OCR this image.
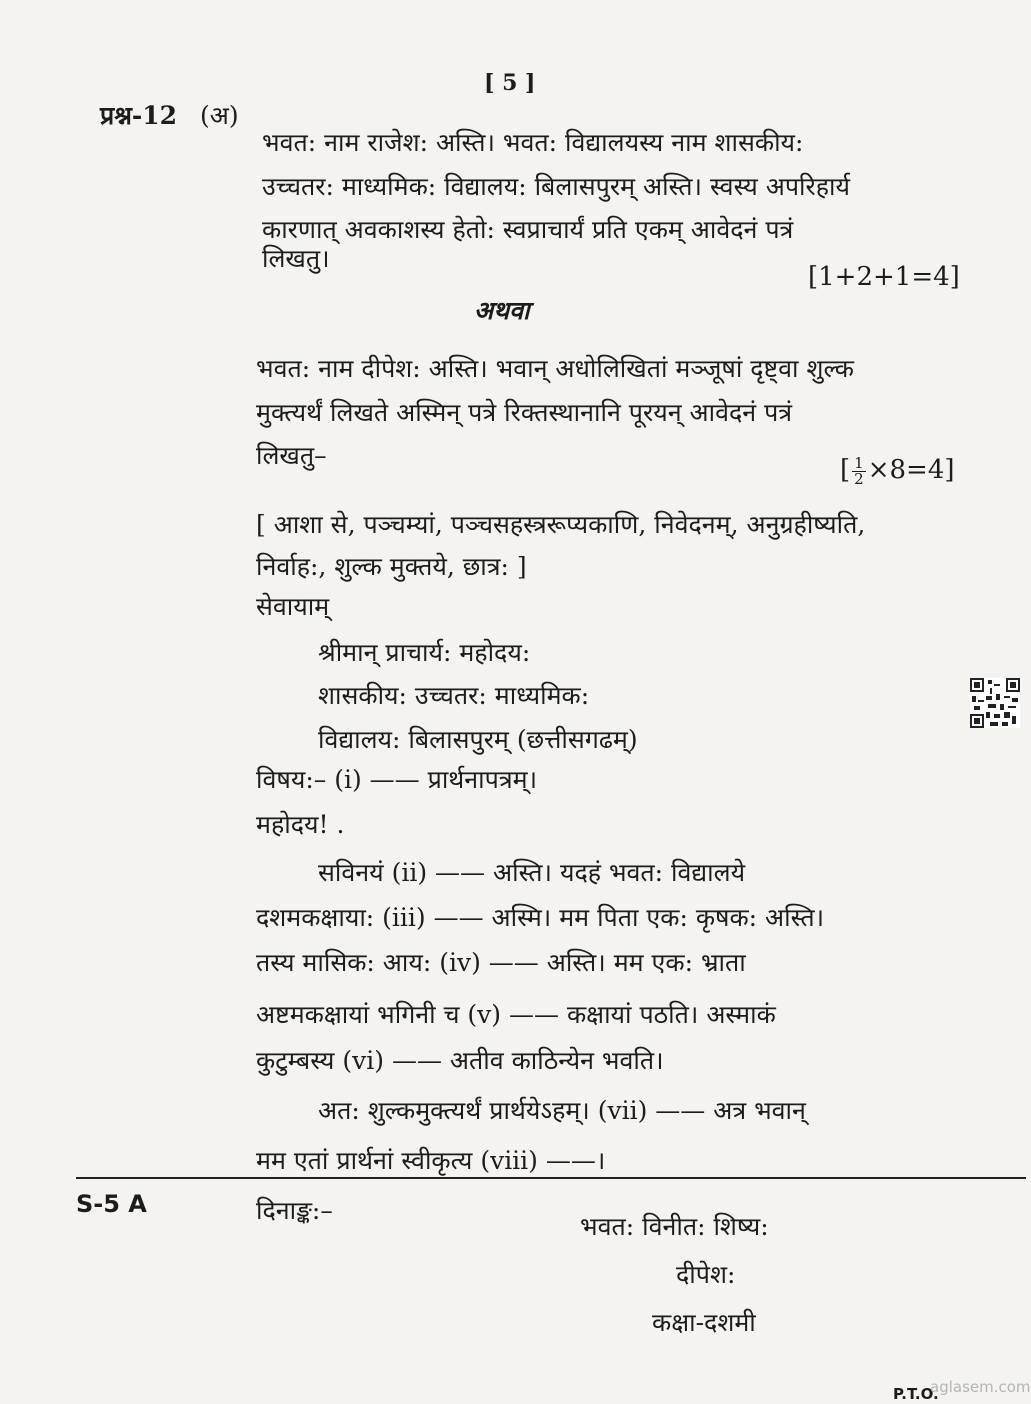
[ 5 ]
प्रश्न-12 (अ)
भवत: नाम राजेश: अस्ति। भवत: विद्यालयस्य नाम शासकीय:
उच्चतर: माध्यमिक: विद्यालय: बिलासपुरम् अस्ति। स्वस्य अपरिहार्य
कारणात् अवकाशस्य हेतो: स्वप्राचार्यं प्रति एकम् आवेदनं पत्रं
लिखतु।
[1+2+1=4]
अथवा
भवत: नाम दीपेश: अस्ति। भवान् अधोलिखितां मञ्जूषां दृष्ट्वा शुल्क
मुक्त्यर्थं लिखते अस्मिन् पत्रे रिक्तस्थानानि पूरयन् आवेदनं पत्रं
लिखतु–	[ $\frac{1}{2} \times 8=4$]
[ आशा से, पञ्चम्यां, पञ्चसहस्त्ररूप्यकाणि, निवेदनम्, अनुग्रहीष्यति,
निर्वाह:, शुल्क मुक्तये, छात्र: ]
सेवायाम्
श्रीमान् प्राचार्य: महोदय:
शासकीय: उच्चतर: माध्यमिक:
विद्यालय: बिलासपुरम् (छत्तीसगढम्)
विषय:– (i) —— प्रार्थनापत्रम्।
महोदय! .
सविनयं (ii) —— अस्ति। यदहं भवत: विद्यालये
दशमकक्षाया: (iii) —— अस्मि। मम पिता एक: कृषक: अस्ति।
तस्य मासिक: आय: (iv) —— अस्ति। मम एक: भ्राता
अष्टमकक्षायां भगिनी च (v) —— कक्षायां पठति। अस्माकं
कुटुम्बस्य (vi) —— अतीव काठिन्येन भवति।
अत: शुल्कमुक्त्यर्थं प्रार्थयेऽहम्। (vii) —— अत्र भवान्
मम एतां प्रार्थनां स्वीकृत्य (viii) ——।
दिनाङ्क:–
भवत: विनीत: शिष्य:
दीपेश:
कक्षा-दशमी
S-5 A
P.T.O.
aglasem.com
